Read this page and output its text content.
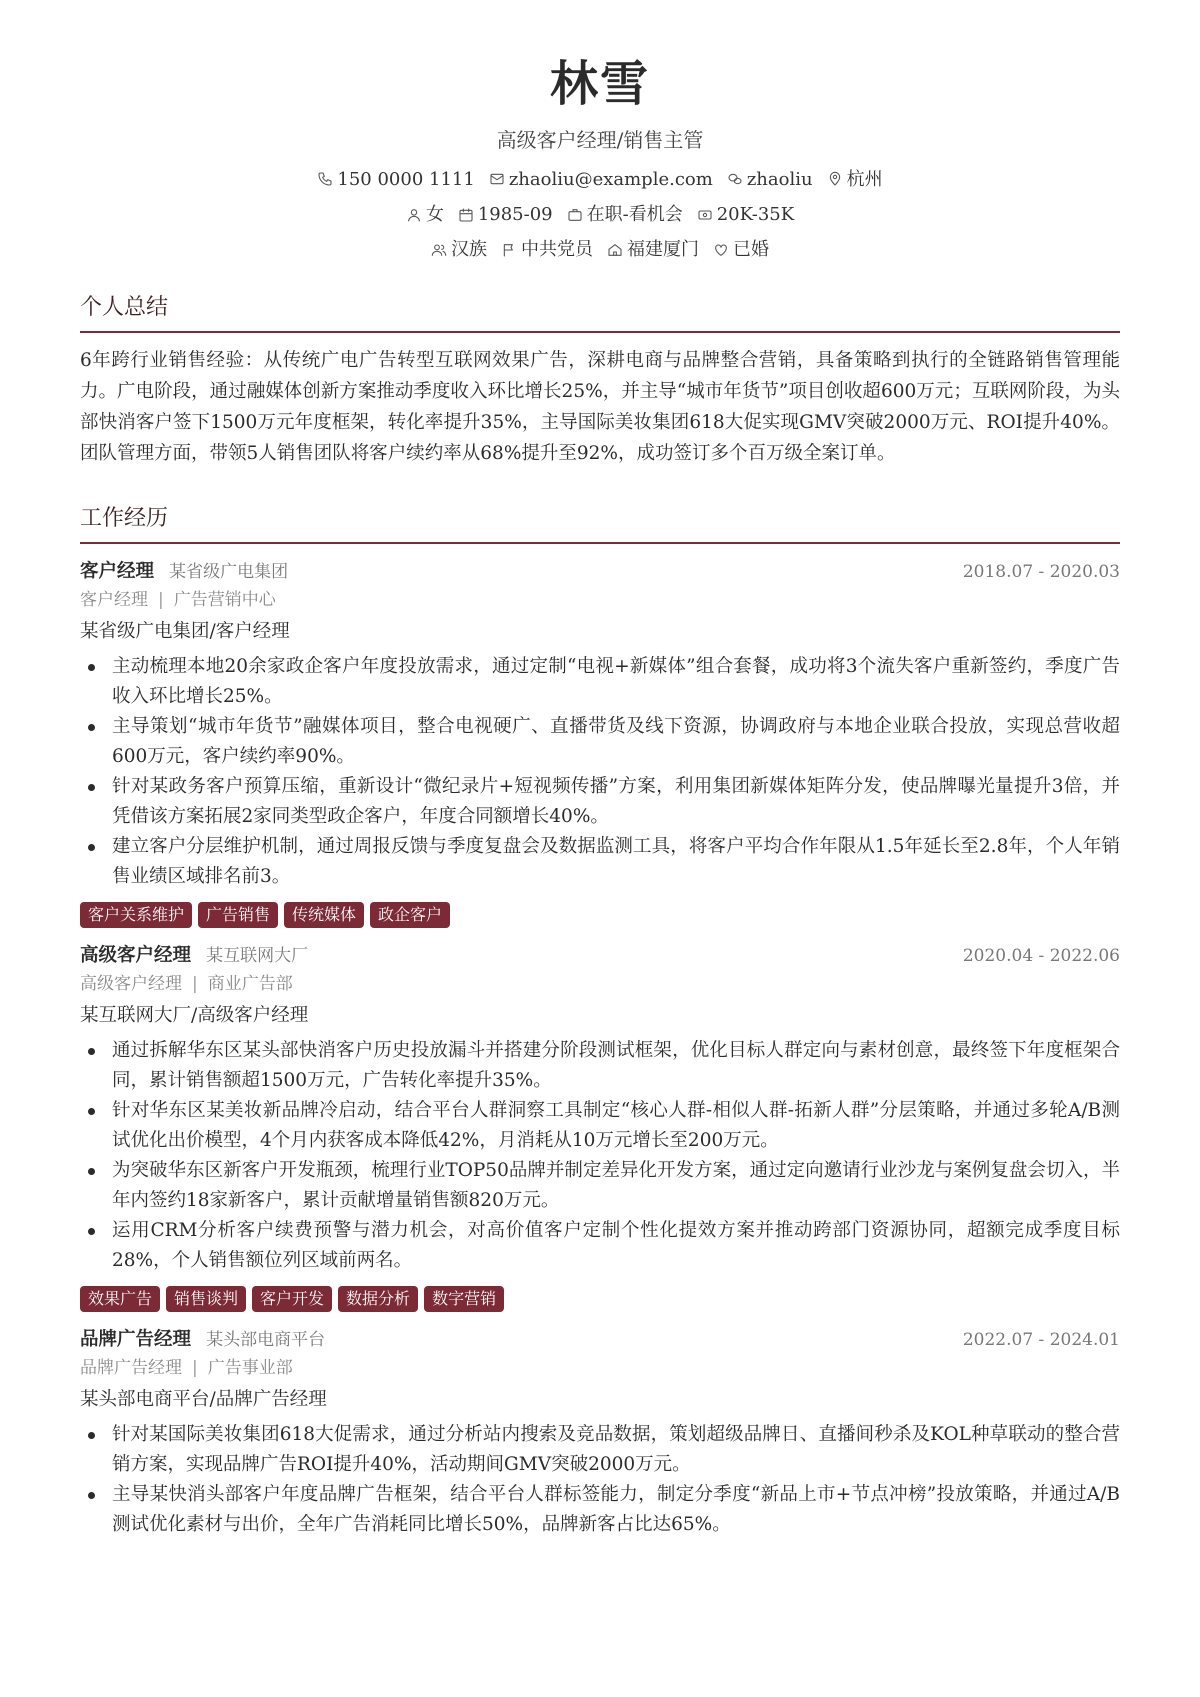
林雪
高级客户经理/销售主管
150 0000 1111 zhaoliu@example.com zhaoliu 杭州
女 1985-09 在职-看机会 20K-35K
汉族 中共党员 福建厦门 已婚
个人总结

6年跨行业销售经验：从传统广电广告转型互联网效果广告，深耕电商与品牌整合营销，具备策略到执行的全链路销售管理能力。广电阶段，通过融媒体创新方案推动季度收入环比增长25%，并主导“城市年货节”项目创收超600万元；互联网阶段，为头部快消客户签下1500万元年度框架，转化率提升35%，主导国际美妆集团618大促实现GMV突破2000万元、ROI提升40%。团队管理方面，带领5人销售团队将客户续约率从68%提升至92%，成功签订多个百万级全案订单。

工作经历
客户经理 某省级广电集团	2018.07 - 2020.03
客户经理 | 广告营销中心
某省级广电集团/客户经理
主动梳理本地20余家政企客户年度投放需求，通过定制“电视+新媒体”组合套餐，成功将3个流失客户重新签约，季度广告收入环比增长25%。
主导策划“城市年货节”融媒体项目，整合电视硬广、直播带货及线下资源，协调政府与本地企业联合投放，实现总营收超600万元，客户续约率90%。
针对某政务客户预算压缩，重新设计“微纪录片+短视频传播”方案，利用集团新媒体矩阵分发，使品牌曝光量提升3倍，并凭借该方案拓展2家同类型政企客户，年度合同额增长40%。
建立客户分层维护机制，通过周报反馈与季度复盘会及数据监测工具，将客户平均合作年限从1.5年延长至2.8年，个人年销售业绩区域排名前3。
客户关系维护	广告销售	传统媒体	政企客户
高级客户经理 某互联网大厂	2020.04 - 2022.06
高级客户经理 | 商业广告部
某互联网大厂/高级客户经理
通过拆解华东区某头部快消客户历史投放漏斗并搭建分阶段测试框架，优化目标人群定向与素材创意，最终签下年度框架合同，累计销售额超1500万元，广告转化率提升35%。
针对华东区某美妆新品牌冷启动，结合平台人群洞察工具制定“核心人群-相似人群-拓新人群”分层策略，并通过多轮A/B测试优化出价模型，4个月内获客成本降低42%，月消耗从10万元增长至200万元。
为突破华东区新客户开发瓶颈，梳理行业TOP50品牌并制定差异化开发方案，通过定向邀请行业沙龙与案例复盘会切入，半年内签约18家新客户，累计贡献增量销售额820万元。
运用CRM分析客户续费预警与潜力机会，对高价值客户定制个性化提效方案并推动跨部门资源协同，超额完成季度目标28%，个人销售额位列区域前两名。
效果广告	销售谈判	客户开发	数据分析	数字营销
品牌广告经理 某头部电商平台	2022.07 - 2024.01
品牌广告经理 | 广告事业部
某头部电商平台/品牌广告经理
针对某国际美妆集团618大促需求，通过分析站内搜索及竞品数据，策划超级品牌日、直播间秒杀及KOL种草联动的整合营销方案，实现品牌广告ROI提升40%，活动期间GMV突破2000万元。
主导某快消头部客户年度品牌广告框架，结合平台人群标签能力，制定分季度“新品上市+节点冲榜”投放策略，并通过A/B测试优化素材与出价，全年广告消耗同比增长50%，品牌新客占比达65%。
